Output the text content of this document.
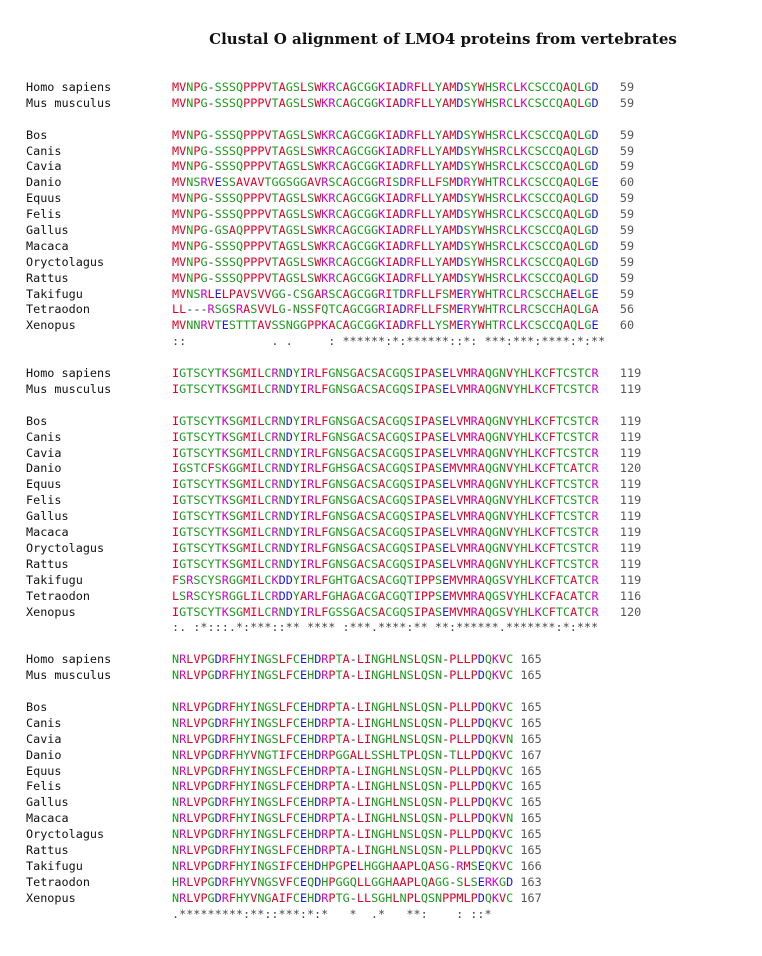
Clustal O alignment of LMO4 proteins from vertebrates
Homo sapiens	MVNPG-SSSQPPPVTAGSLSWKRCAGCGGKIADRFLLYAMDSYWHSRCLKCSCCQAQLGD 59
Mus musculus	MVNPG-SSSQPPPVTAGSLSWKRCAGCGGKIADRFLLYAMDSYWHSRCLKCSCCQAQLGD 59
Bos	MVNPG-SSSQPPPVTAGSLSWKRCAGCGGKIADRFLLYAMDSYWHSRCLKCSCCQAQLGD 59
Canis	MVNPG-SSSQPPPVTAGSLSWKRCAGCGGKIADRFLLYAMDSYWHSRCLKCSCCQAQLGD 59
Cavia	MVNPG-SSSQPPPVTAGSLSWKRCAGCGGKIADRFLLYAMDSYWHSRCLKCSCCQAQLGD 59
Danio	MVNSRVESSAVAVTGGSGGAVRSCAGCGGRISDRFLLFSMDRYWHTRCLKCSCCQAQLGE 60
Equus	MVNPG-SSSQPPPVTAGSLSWKRCAGCGGKIADRFLLYAMDSYWHSRCLKCSCCQAQLGD 59
Felis	MVNPG-SSSQPPPVTAGSLSWKRCAGCGGKIADRFLLYAMDSYWHSRCLKCSCCQAQLGD 59
Gallus	MVNPG-GSAQPPPVTAGSLSWKRCAGCGGKIADRFLLYAMDSYWHSRCLKCSCCQAQLGD 59
Macaca	MVNPG-SSSQPPPVTAGSLSWKRCAGCGGKIADRFLLYAMDSYWHSRCLKCSCCQAQLGD 59
Oryctolagus	MVNPG-SSSQPPPVTAGSLSWKRCAGCGGKIADRFLLYAMDSYWHSRCLKCSCCQAQLGD 59
Rattus	MVNPG-SSSQPPPVTAGSLSWKRCAGCGGKIADRFLLYAMDSYWHSRCLKCSCCQAQLGD 59
Takifugu	MVNSRLELPAVSVVGG-CSGARSCAGCGGRITDRFLLFSMERYWHTRCLRCSCCHAELGE 59
Tetraodon	LL---RSGSRASVVLG-NSSFQTCAGCGGRIADRFLLFSMERYWHTRCLRCSCCHAQLGA 56
Xenopus	MVNNRVTESTTTAVSSNGGPPKACAGCGGKIADRFLLYSMERYWHTRCLKCSCCQAQLGE 60
::            . .     : ******:*:******::*: ***:***:****:*:**
Homo sapiens	IGTSCYTKSGMILCRNDYIRLFGNSGACSACGQSIPASELVMRAQGNVYHLKCFTCSTCR 119
Mus musculus	IGTSCYTKSGMILCRNDYIRLFGNSGACSACGQSIPASELVMRAQGNVYHLKCFTCSTCR 119
Bos	IGTSCYTKSGMILCRNDYIRLFGNSGACSACGQSIPASELVMRAQGNVYHLKCFTCSTCR 119
Canis	IGTSCYTKSGMILCRNDYIRLFGNSGACSACGQSIPASELVMRAQGNVYHLKCFTCSTCR 119
Cavia	IGTSCYTKSGMILCRNDYIRLFGNSGACSACGQSIPASELVMRAQGNVYHLKCFTCSTCR 119
Danio	IGSTCFSKGGMILCRNDYIRLFGHSGACSACGQSIPASEMVMRAQGNVYHLKCFTCATCR 120
Equus	IGTSCYTKSGMILCRNDYIRLFGNSGACSACGQSIPASELVMRAQGNVYHLKCFTCSTCR 119
Felis	IGTSCYTKSGMILCRNDYIRLFGNSGACSACGQSIPASELVMRAQGNVYHLKCFTCSTCR 119
Gallus	IGTSCYTKSGMILCRNDYIRLFGNSGACSACGQSIPASELVMRAQGNVYHLKCFTCSTCR 119
Macaca	IGTSCYTKSGMILCRNDYIRLFGNSGACSACGQSIPASELVMRAQGNVYHLKCFTCSTCR 119
Oryctolagus	IGTSCYTKSGMILCRNDYIRLFGNSGACSACGQSIPASELVMRAQGNVYHLKCFTCSTCR 119
Rattus	IGTSCYTKSGMILCRNDYIRLFGNSGACSACGQSIPASELVMRAQGNVYHLKCFTCSTCR 119
Takifugu	FSRSCYSRGGMILCKDDYIRLFGHTGACSACGQTIPPSEMVMRAQGSVYHLKCFTCATCR 119
Tetraodon	LSRSCYSRGGLILCRDDYARLFGHAGACGACGQTIPPSEMVMRAQGSVYHLKCFACATCR 116
Xenopus	IGTSCYTKSGMILCRNDYIRLFGSSGACSACGQSIPASEMVMRAQGSVYHLKCFTCATCR 120
:. :*:::.*:***::** **** :***.****:** **:******.*******:*:***
Homo sapiens	NRLVPGDRFHYINGSLFCEHDRPTA-LINGHLNSLQSN-PLLPDQKVC 165
Mus musculus	NRLVPGDRFHYINGSLFCEHDRPTA-LINGHLNSLQSN-PLLPDQKVC 165
Bos	NRLVPGDRFHYINGSLFCEHDRPTA-LINGHLNSLQSN-PLLPDQKVC 165
Canis	NRLVPGDRFHYINGSLFCEHDRPTA-LINGHLNSLQSN-PLLPDQKVC 165
Cavia	NRLVPGDRFHYINGSLFCEHDRPTA-LINGHLNSLQSN-PLLPDQKVN 165
Danio	NRLVPGDRFHYVNGTIFCEHDRPGGALLSSHLTPLQSN-TLLPDQKVC 167
Equus	NRLVPGDRFHYINGSLFCEHDRPTA-LINGHLNSLQSN-PLLPDQKVC 165
Felis	NRLVPGDRFHYINGSLFCEHDRPTA-LINGHLNSLQSN-PLLPDQKVC 165
Gallus	NRLVPGDRFHYINGSLFCEHDRPTA-LINGHLNSLQSN-PLLPDQKVC 165
Macaca	NRLVPGDRFHYINGSLFCEHDRPTA-LINGHLNSLQSN-PLLPDQKVN 165
Oryctolagus	NRLVPGDRFHYINGSLFCEHDRPTA-LINGHLNSLQSN-PLLPDQKVC 165
Rattus	NRLVPGDRFHYINGSLFCEHDRPTA-LINGHLNSLQSN-PLLPDQKVC 165
Takifugu	NRLVPGDRFHYINGSIFCEHDHPGPELHGGHAAPLQASG-RMSEQKVC 166
Tetraodon	HRLVPGDRFHYVNGSVFCEQDHPGGQLLGGHAAPLQAGG-SLSERKGD 163
Xenopus	NRLVPGDRFHYVNGAIFCEHDRPTG-LLSGHLNPLQSNPPMLPDQKVC 167
.*********:**::***:*:*   *  .*   **:    : ::*
